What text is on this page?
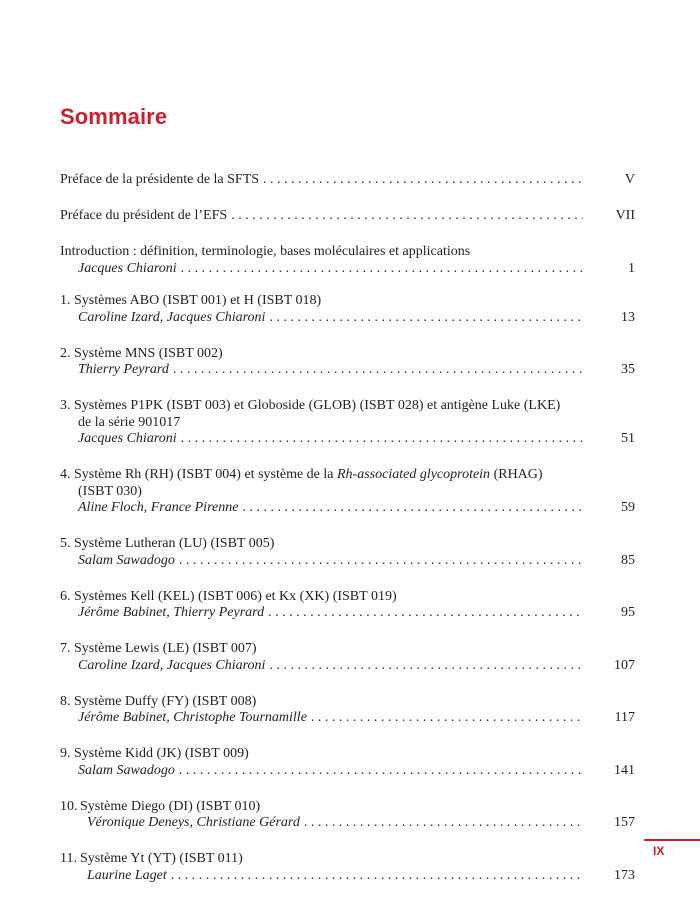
Sommaire
Préface de la présidente de la SFTS . . .	V
Préface du président de l’EFS . . .	VII
Introduction : définition, terminologie, bases moléculaires et applications
Jacques Chiaroni . . .	1
1. Systèmes ABO (ISBT 001) et H (ISBT 018)
Caroline Izard, Jacques Chiaroni . . .	13
2. Système MNS (ISBT 002)
Thierry Peyrard . . .	35
3. Systèmes P1PK (ISBT 003) et Globoside (GLOB) (ISBT 028) et antigène Luke (LKE)
de la série 901017
Jacques Chiaroni . . .	51
4. Système Rh (RH) (ISBT 004) et système de la Rh-associated glycoprotein (RHAG)
(ISBT 030)
Aline Floch, France Pirenne . . .	59
5. Système Lutheran (LU) (ISBT 005)
Salam Sawadogo . . .	85
6. Systèmes Kell (KEL) (ISBT 006) et Kx (XK) (ISBT 019)
Jérôme Babinet, Thierry Peyrard . . .	95
7. Système Lewis (LE) (ISBT 007)
Caroline Izard, Jacques Chiaroni . . .	107
8. Système Duffy (FY) (ISBT 008)
Jérôme Babinet, Christophe Tournamille . . .	117
9. Système Kidd (JK) (ISBT 009)
Salam Sawadogo . . .	141
10. Système Diego (DI) (ISBT 010)
Véronique Deneys, Christiane Gérard . . .	157
11. Système Yt (YT) (ISBT 011)
Laurine Laget . . .	173
IX
